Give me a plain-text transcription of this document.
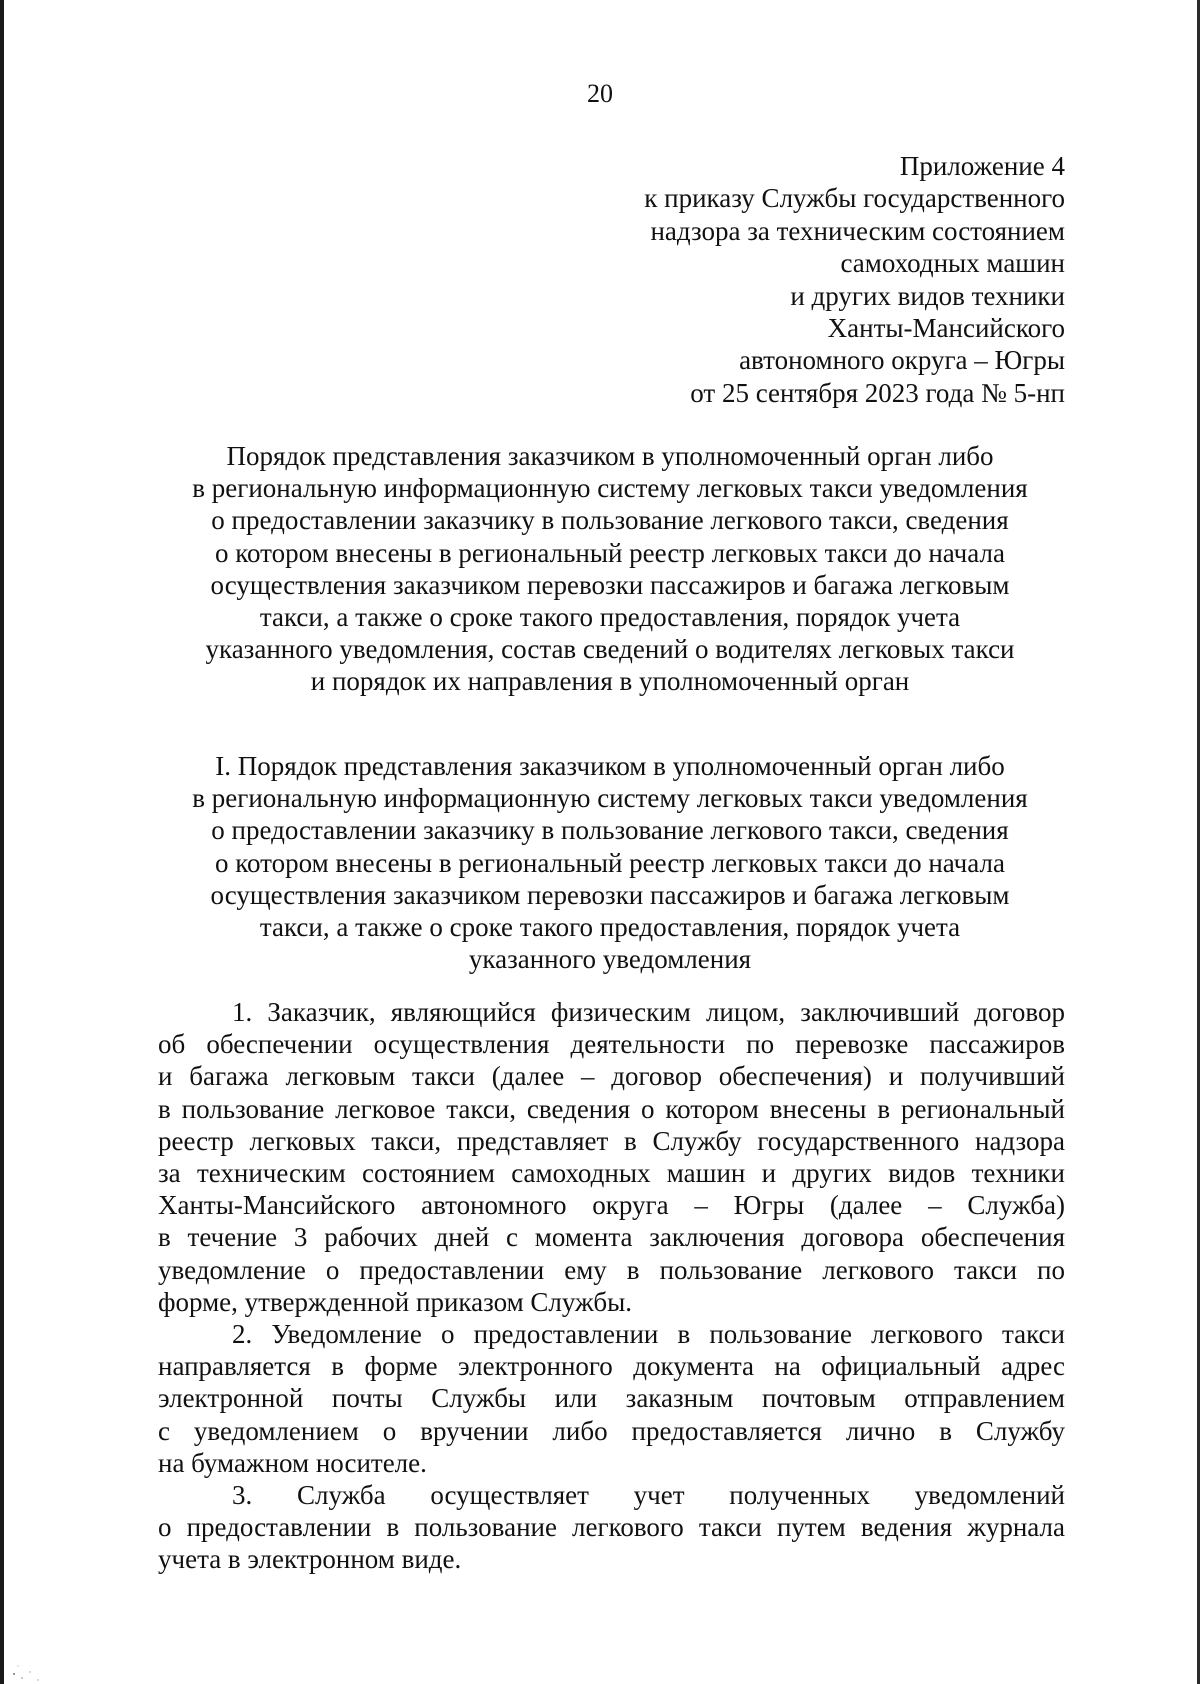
20
Приложение 4
к приказу Службы государственного
надзора за техническим состоянием
самоходных машин
и других видов техники
Ханты-Мансийского
автономного округа – Югры
от 25 сентября 2023 года № 5-нп
Порядок представления заказчиком в уполномоченный орган либо
в региональную информационную систему легковых такси уведомления
о предоставлении заказчику в пользование легкового такси, сведения
о котором внесены в региональный реестр легковых такси до начала
осуществления заказчиком перевозки пассажиров и багажа легковым
такси, а также о сроке такого предоставления, порядок учета
указанного уведомления, состав сведений о водителях легковых такси
и порядок их направления в уполномоченный орган
I. Порядок представления заказчиком в уполномоченный орган либо
в региональную информационную систему легковых такси уведомления
о предоставлении заказчику в пользование легкового такси, сведения
о котором внесены в региональный реестр легковых такси до начала
осуществления заказчиком перевозки пассажиров и багажа легковым
такси, а также о сроке такого предоставления, порядок учета
указанного уведомления
1. Заказчик, являющийся физическим лицом, заключивший договор
об обеспечении осуществления деятельности по перевозке пассажиров
и багажа легковым такси (далее – договор обеспечения) и получивший
в пользование легковое такси, сведения о котором внесены в региональный
реестр легковых такси, представляет в Службу государственного надзора
за техническим состоянием самоходных машин и других видов техники
Ханты-Мансийского автономного округа – Югры (далее – Служба)
в течение 3 рабочих дней с момента заключения договора обеспечения
уведомление о предоставлении ему в пользование легкового такси по
форме, утвержденной приказом Службы.
2. Уведомление о предоставлении в пользование легкового такси
направляется в форме электронного документа на официальный адрес
электронной почты Службы или заказным почтовым отправлением
с уведомлением о вручении либо предоставляется лично в Службу
на бумажном носителе.
3. Служба осуществляет учет полученных уведомлений
о предоставлении в пользование легкового такси путем ведения журнала
учета в электронном виде.
